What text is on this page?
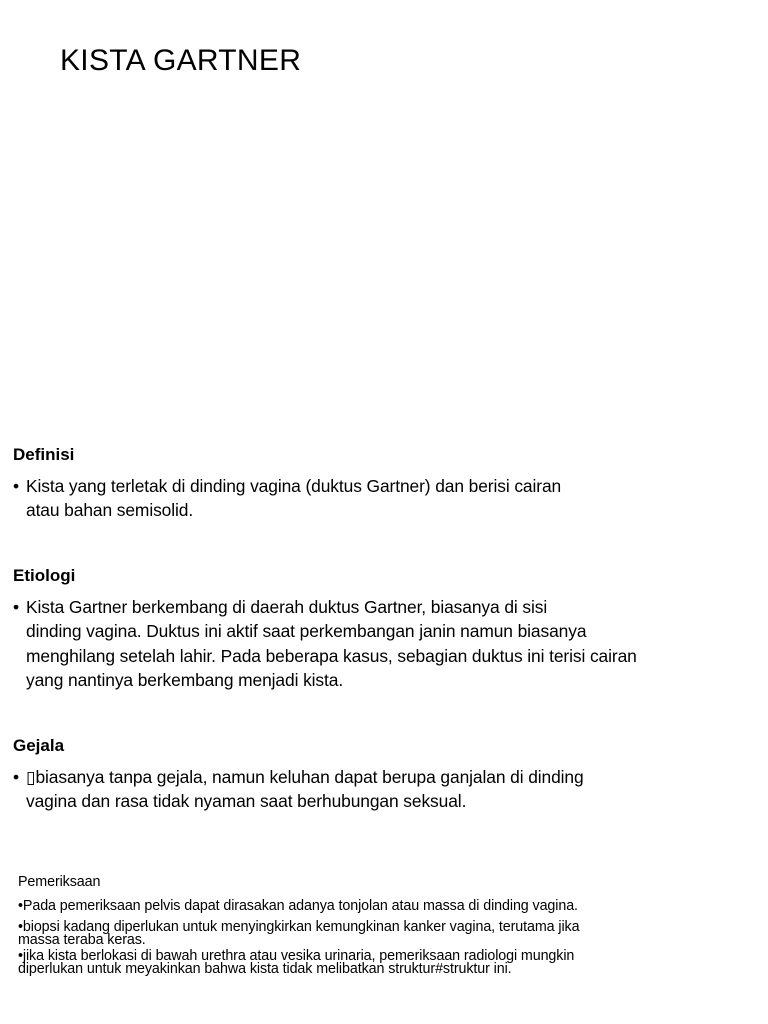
KISTA GARTNER
Definisi
• Kista yang terletak di dinding vagina (duktus Gartner) dan berisi cairan
atau bahan semisolid.
Etiologi
• Kista Gartner berkembang di daerah duktus Gartner, biasanya di sisi
dinding vagina. Duktus ini aktif saat perkembangan janin namun biasanya
menghilang setelah lahir. Pada beberapa kasus, sebagian duktus ini terisi cairan
yang nantinya berkembang menjadi kista.
Gejala
• ▯biasanya tanpa gejala, namun keluhan dapat berupa ganjalan di dinding
vagina dan rasa tidak nyaman saat berhubungan seksual.
Pemeriksaan
•Pada pemeriksaan pelvis dapat dirasakan adanya tonjolan atau massa di dinding vagina.
•biopsi kadang diperlukan untuk menyingkirkan kemungkinan kanker vagina, terutama jika
massa teraba keras.
•jika kista berlokasi di bawah urethra atau vesika urinaria, pemeriksaan radiologi mungkin
diperlukan untuk meyakinkan bahwa kista tidak melibatkan struktur#struktur ini.
